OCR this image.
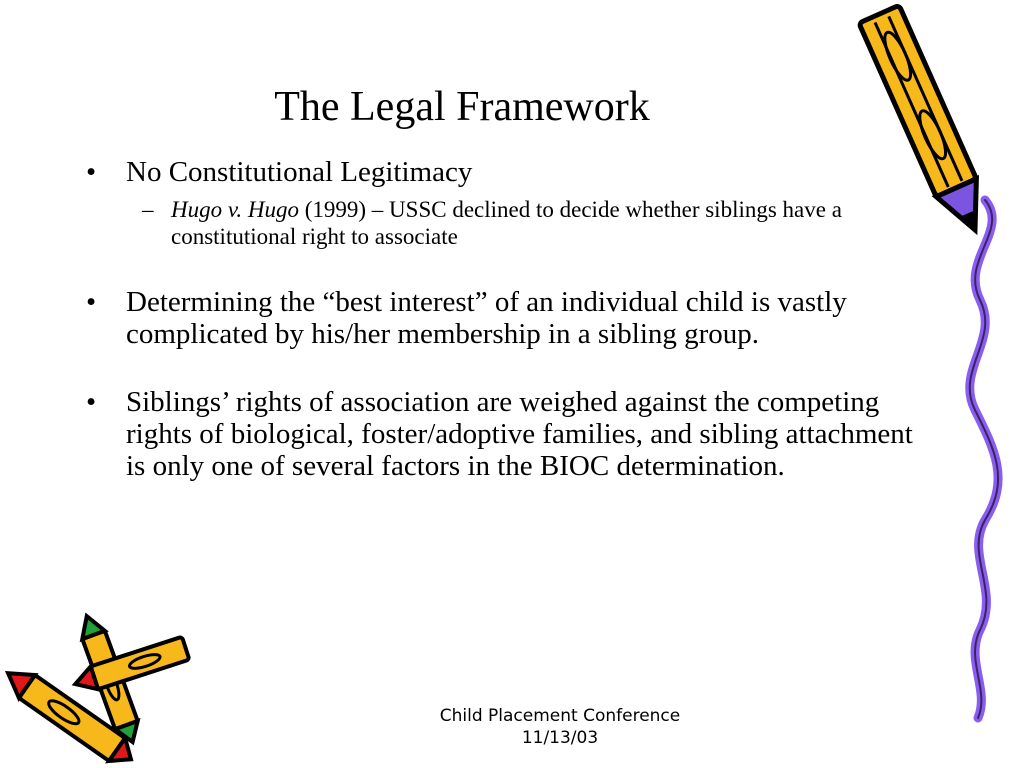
The Legal Framework
•	No Constitutional Legitimacy
– Hugo v. Hugo (1999) – USSC declined to decide whether siblings have a constitutional right to associate
•	Determining the “best interest” of an individual child is vastly complicated by his/her membership in a sibling group.
•	Siblings’ rights of association are weighed against the competing rights of biological, foster/adoptive families, and sibling attachment is only one of several factors in the BIOC determination.
Child Placement Conference
11/13/03
